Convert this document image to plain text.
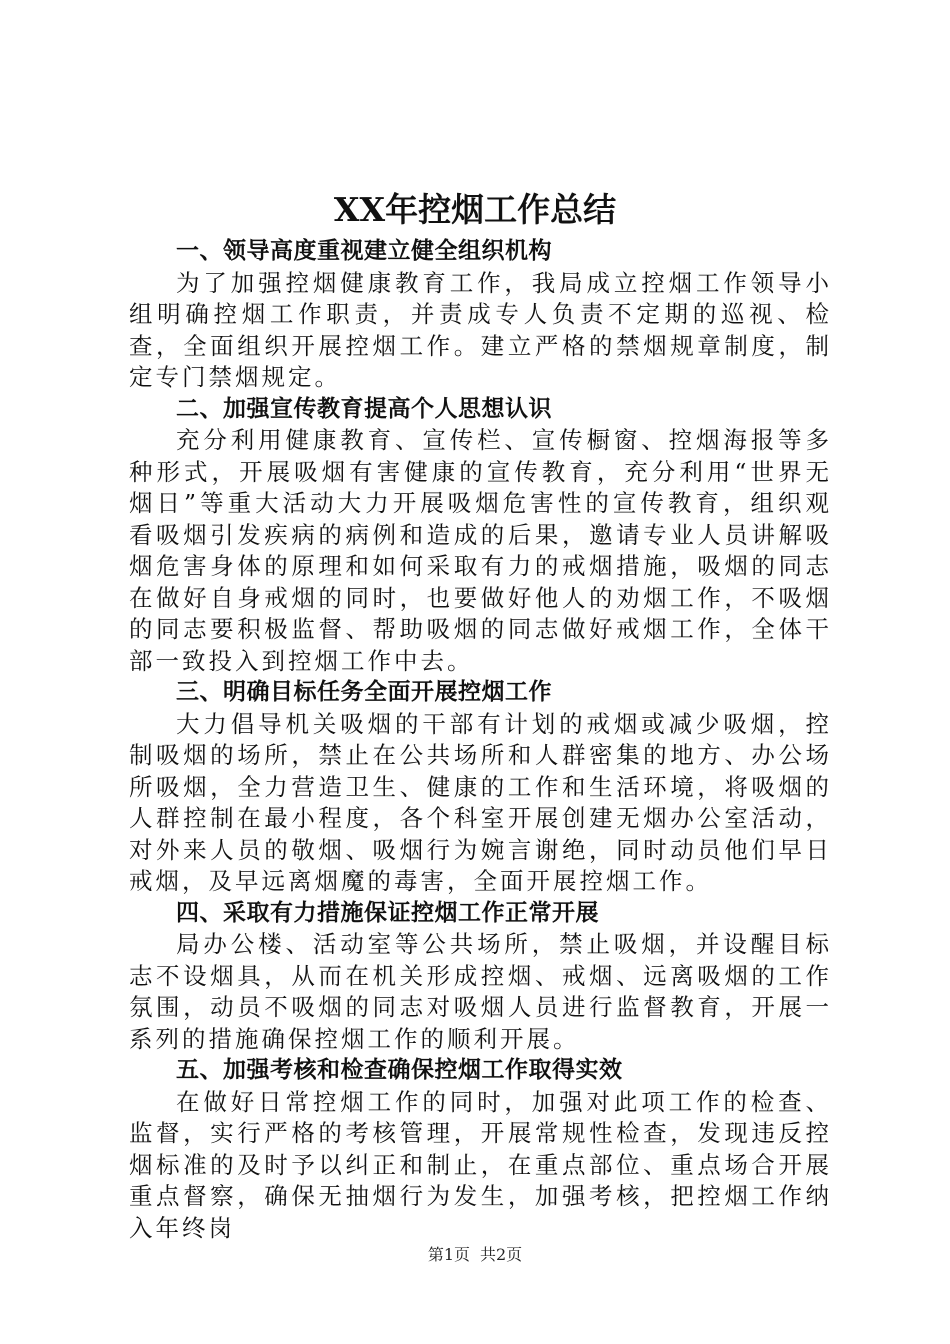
XX年控烟工作总结

一、领导高度重视建立健全组织机构

为了加强控烟健康教育工作，我局成立控烟工作领导小组明确控烟工作职责，并责成专人负责不定期的巡视、检查，全面组织开展控烟工作。建立严格的禁烟规章制度，制定专门禁烟规定。

二、加强宣传教育提高个人思想认识

充分利用健康教育、宣传栏、宣传橱窗、控烟海报等多种形式，开展吸烟有害健康的宣传教育，充分利用“世界无烟日”等重大活动大力开展吸烟危害性的宣传教育，组织观看吸烟引发疾病的病例和造成的后果，邀请专业人员讲解吸烟危害身体的原理和如何采取有力的戒烟措施，吸烟的同志在做好自身戒烟的同时，也要做好他人的劝烟工作，不吸烟的同志要积极监督、帮助吸烟的同志做好戒烟工作，全体干部一致投入到控烟工作中去。

三、明确目标任务全面开展控烟工作

大力倡导机关吸烟的干部有计划的戒烟或减少吸烟，控制吸烟的场所，禁止在公共场所和人群密集的地方、办公场所吸烟，全力营造卫生、健康的工作和生活环境，将吸烟的人群控制在最小程度，各个科室开展创建无烟办公室活动，对外来人员的敬烟、吸烟行为婉言谢绝，同时动员他们早日戒烟，及早远离烟魔的毒害，全面开展控烟工作。

四、采取有力措施保证控烟工作正常开展

局办公楼、活动室等公共场所，禁止吸烟，并设醒目标志不设烟具，从而在机关形成控烟、戒烟、远离吸烟的工作氛围，动员不吸烟的同志对吸烟人员进行监督教育，开展一系列的措施确保控烟工作的顺利开展。

五、加强考核和检查确保控烟工作取得实效

在做好日常控烟工作的同时，加强对此项工作的检查、监督，实行严格的考核管理，开展常规性检查，发现违反控烟标准的及时予以纠正和制止，在重点部位、重点场合开展重点督察，确保无抽烟行为发生，加强考核，把控烟工作纳入年终岗

第1页 共2页
